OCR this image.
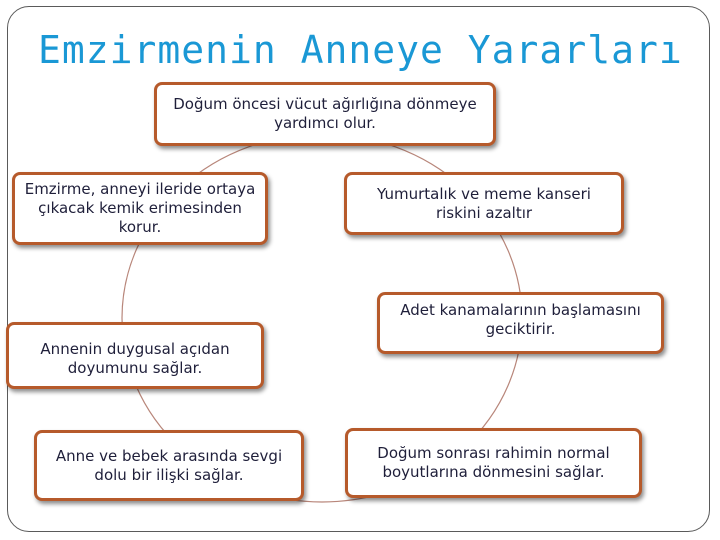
Emzirmenin Anneye Yararları
Doğum öncesi vücut ağırlığına dönmeye yardımcı olur.
Emzirme, anneyi ileride ortaya çıkacak kemik erimesinden korur.
Yumurtalık ve meme kanseri riskini azaltır
Adet kanamalarının başlamasını geciktirir.
Annenin duygusal açıdan doyumunu sağlar.
Anne ve bebek arasında sevgi dolu bir ilişki sağlar.
Doğum sonrası rahimin normal boyutlarına dönmesini sağlar.
